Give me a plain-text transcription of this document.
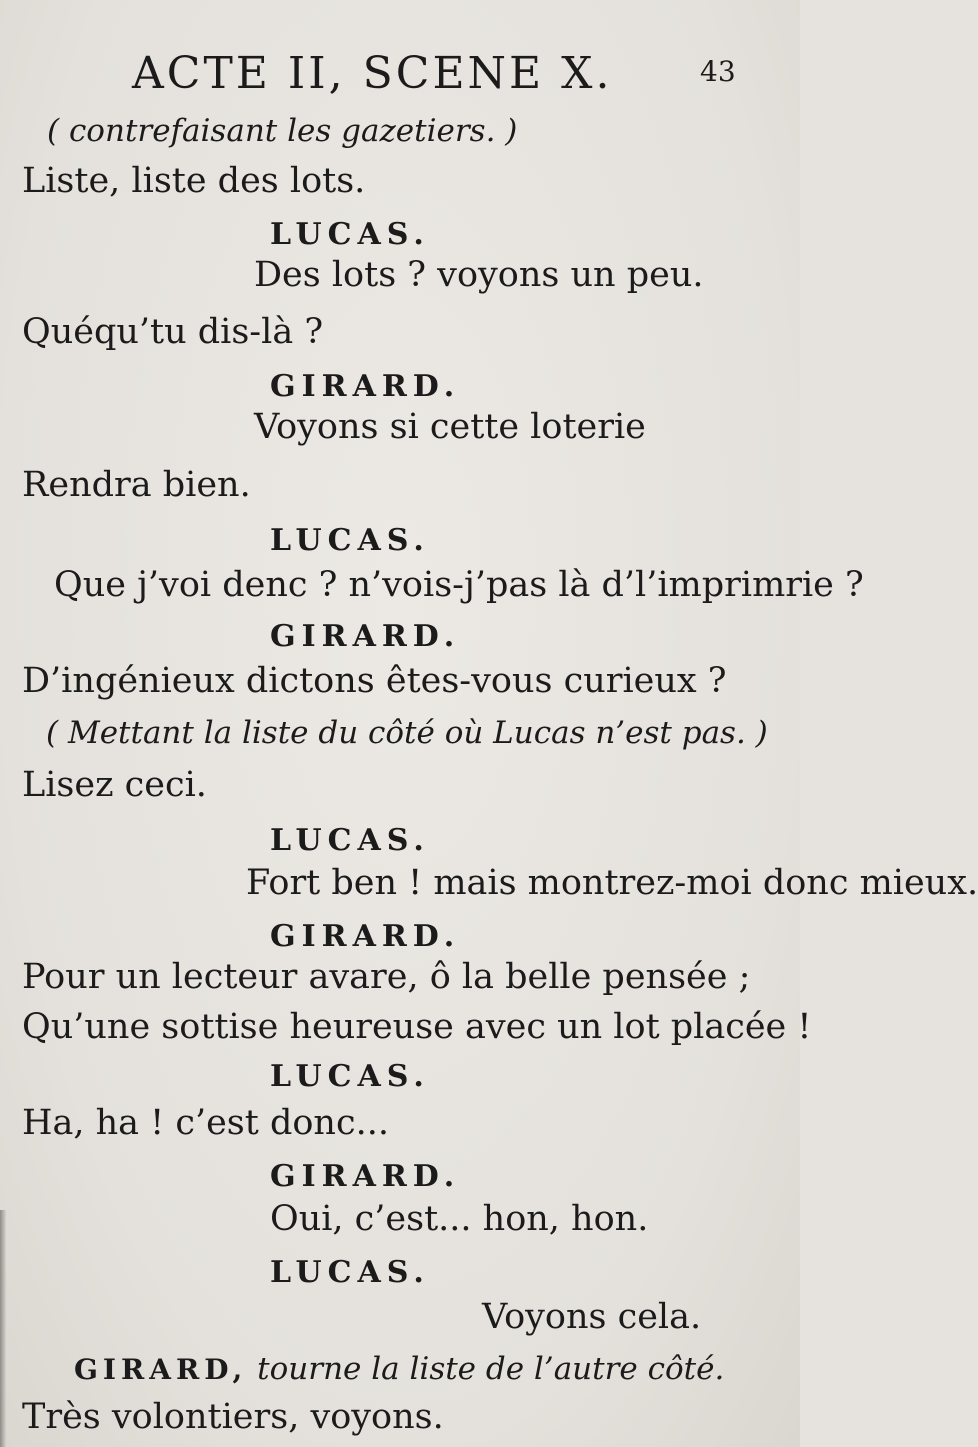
ACTE II, SCENE X.	43
( contrefaisant les gazetiers. )
Liste, liste des lots.
LUCAS.
Des lots ? voyons un peu.
Quéqu’tu dis-là ?
GIRARD.
Voyons si cette loterie
Rendra bien.
LUCAS.
Que j’voi denc ? n’vois-j’pas là d’l’imprimrie ?
GIRARD.
D’ingénieux dictons êtes-vous curieux ?
( Mettant la liste du côté où Lucas n’est pas. )
Lisez ceci.
LUCAS.
Fort ben ! mais montrez-moi donc mieux.
GIRARD.
Pour un lecteur avare, ô la belle pensée ;
Qu’une sottise heureuse avec un lot placée !
LUCAS.
Ha, ha ! c’est donc...
GIRARD.
Oui, c’est... hon, hon.
LUCAS.
Voyons cela.
GIRARD, tourne la liste de l’autre côté.
Très volontiers, voyons.
